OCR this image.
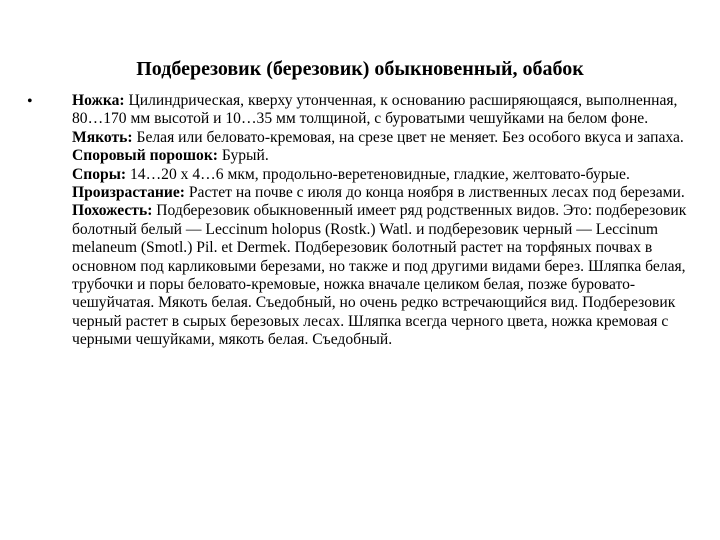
Подберезовик (березовик) обыкновенный, обабок
•	Ножка: Цилиндрическая, кверху утонченная, к основанию расширяющаяся, выполненная, 80…170 мм высотой и 10…35 мм толщиной, с буроватыми чешуйками на белом фоне.

Мякоть: Белая или беловато-кремовая, на срезе цвет не меняет. Без особого вкуса и запаха.

Споровый порошок: Бурый.

Споры: 14…20 х 4…6 мкм, продольно-веретеновидные, гладкие, желтовато-бурые.

Произрастание: Растет на почве с июля до конца ноября в лиственных лесах под березами.

Похожесть: Подберезовик обыкновенный имеет ряд родственных видов. Это: подберезовик болотный белый — Leccinum holopus (Rostk.) Watl. и подберезовик черный — Leccinum melaneum (Smotl.) Pil. et Dermek. Подберезовик болотный растет на торфяных почвах в основном под карликовыми березами, но также и под другими видами берез. Шляпка белая, трубочки и поры беловато-кремовые, ножка вначале целиком белая, позже буровато-чешуйчатая. Мякоть белая. Съедобный, но очень редко встречающийся вид. Подберезовик черный растет в сырых березовых лесах. Шляпка всегда черного цвета, ножка кремовая с черными чешуйками, мякоть белая. Съедобный.
